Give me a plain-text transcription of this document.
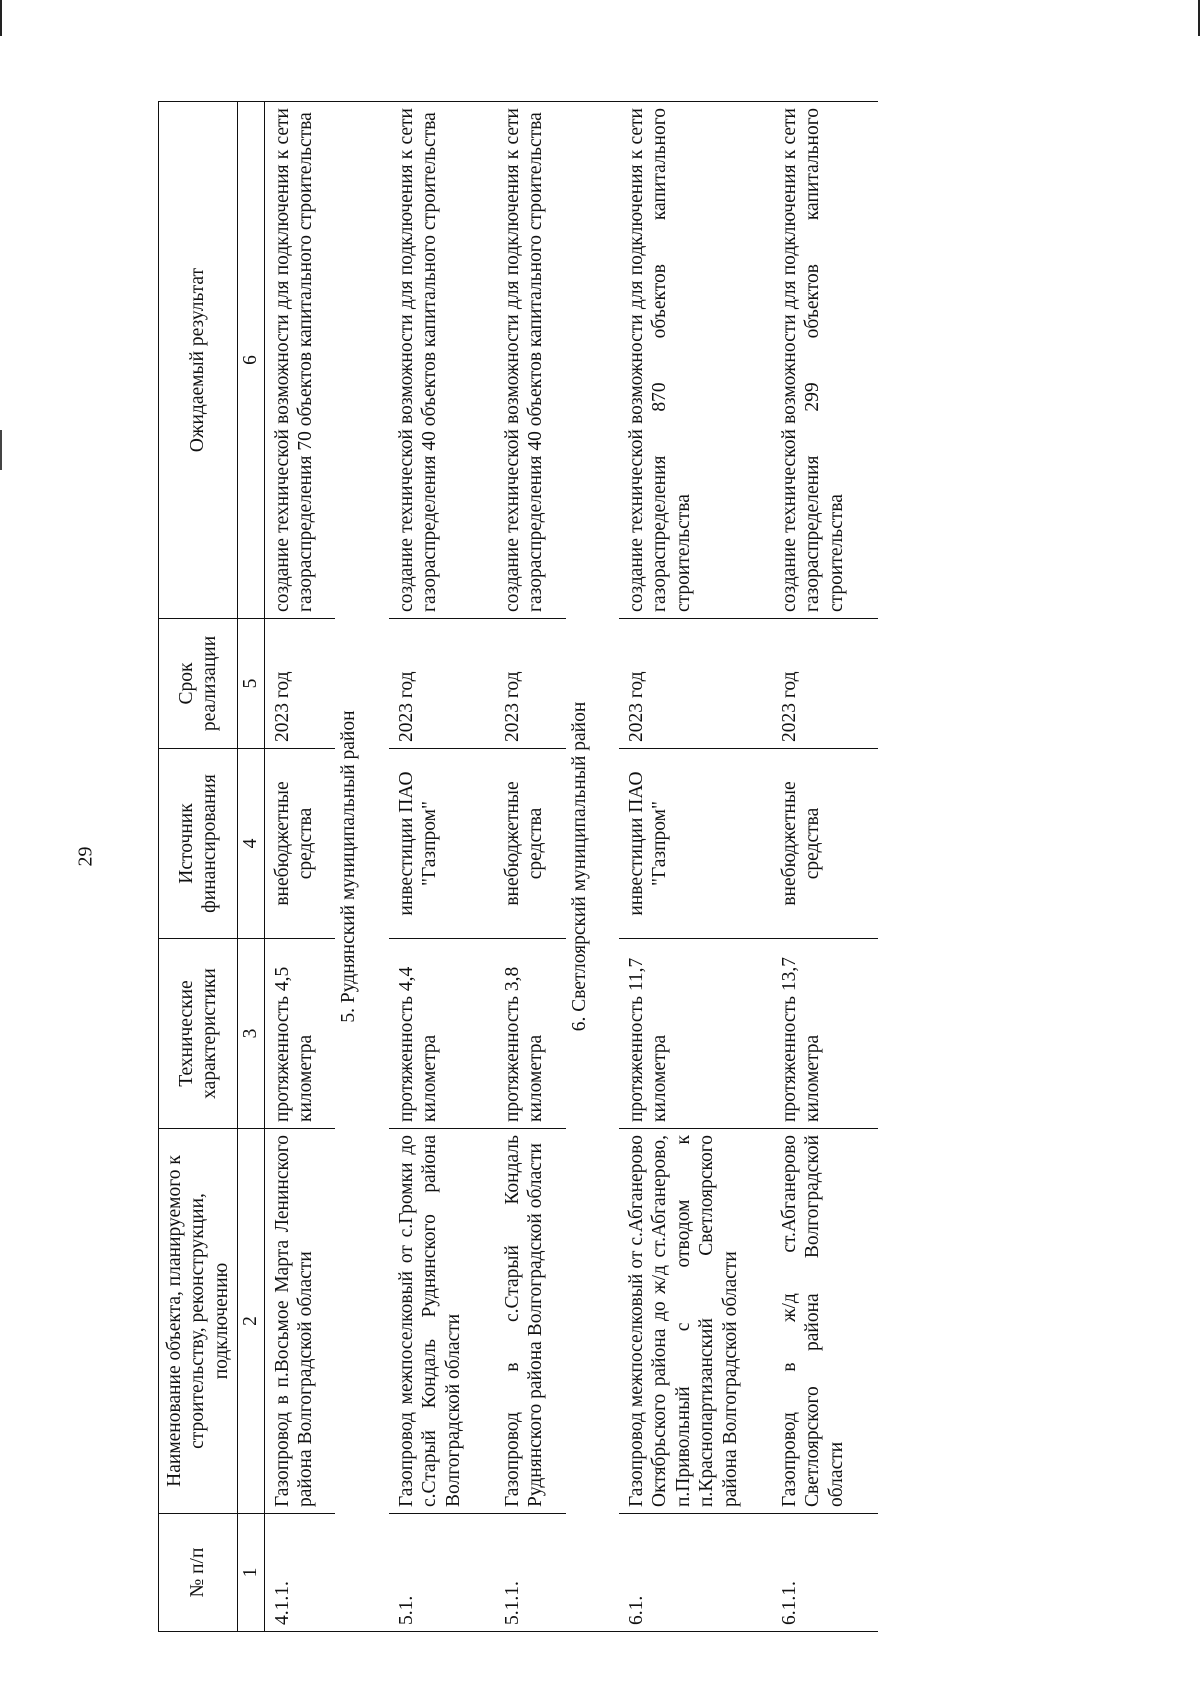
29
№ п/п	Наименование объекта, планируемого к строительству, реконструкции, подключению	Технические характеристики	Источник финансирования	Срок реализации	Ожидаемый результат
1	2	3	4	5	6
4.1.1.	Газопровод в п.Восьмое Марта Ленинского района Волгоградской области	протяженность 4,5 километра	внебюджетные средства	2023 год	создание технической возможности для подключения к сети газораспределения 70 объектов капитального строительства
5. Руднянский муниципальный район					
5.1.	Газопровод межпоселковый от с.Громки до с.Старый Кондаль Руднянского района Волгоградской области	протяженность 4,4 километра	инвестиции ПАО "Газпром"	2023 год	создание технической возможности для подключения к сети газораспределения 40 объектов капитального строительства
5.1.1.	Газопровод в с.Старый Кондаль Руднянского района Волгоградской области	протяженность 3,8 километра	внебюджетные средства	2023 год	создание технической возможности для подключения к сети газораспределения 40 объектов капитального строительства
6. Светлоярский муниципальный район					
6.1.	Газопровод межпоселковый от с.Абганерово Октябрьского района до ж/д ст.Абганерово, п.Привольный с отводом к п.Краснопартизанский Светлоярского района Волгоградской области	протяженность 11,7 километра	инвестиции ПАО "Газпром"	2023 год	создание технической возможности для подключения к сети газораспределения 870 объектов капитального строительства
6.1.1.	Газопровод в ж/д ст.Абганерово Светлоярского района Волгоградской области	протяженность 13,7 километра	внебюджетные средства	2023 год	создание технической возможности для подключения к сети газораспределения 299 объектов капитального строительства
